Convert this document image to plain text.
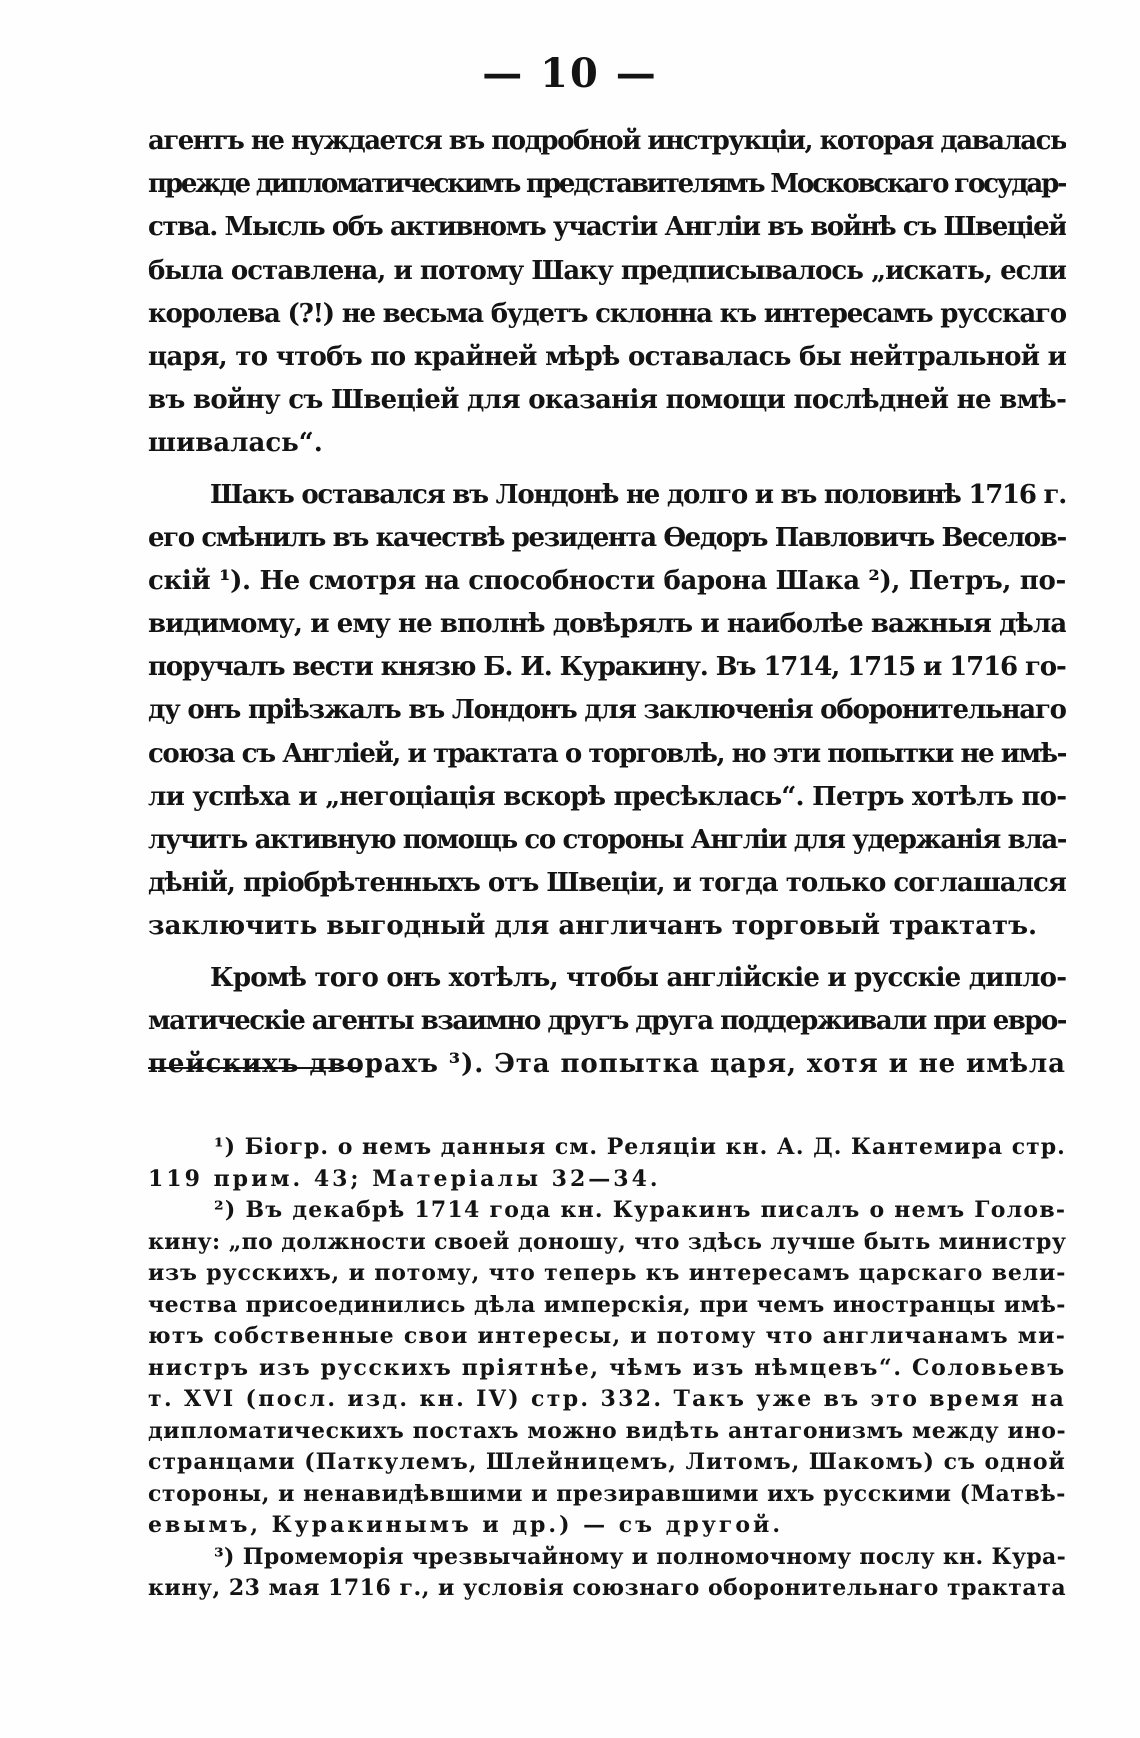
— 10 —
агентъ не нуждается въ подробной инструкціи, которая давалась
прежде дипломатическимъ представителямъ Московскаго государ-
ства. Мысль объ активномъ участіи Англіи въ войнѣ съ Швеціей
была оставлена, и потому Шаку предписывалось „искать, если
королева (?!) не весьма будетъ склонна къ интересамъ русскаго
царя, то чтобъ по крайней мѣрѣ оставалась бы нейтральной и
въ войну съ Швеціей для оказанія помощи послѣдней не вмѣ-
шивалась“.
Шакъ оставался въ Лондонѣ не долго и въ половинѣ 1716 г.
его смѣнилъ въ качествѣ резидента Ѳедоръ Павловичъ Веселов-
скій ¹). Не смотря на способности барона Шака ²), Петръ, по-
видимому, и ему не вполнѣ довѣрялъ и наиболѣе важныя дѣла
поручалъ вести князю Б. И. Куракину. Въ 1714, 1715 и 1716 го-
ду онъ пріѣзжалъ въ Лондонъ для заключенія оборонительнаго
союза съ Англіей, и трактата о торговлѣ, но эти попытки не имѣ-
ли успѣха и „негоціація вскорѣ пресѣклась“. Петръ хотѣлъ по-
лучить активную помощь со стороны Англіи для удержанія вла-
дѣній, пріобрѣтенныхъ отъ Швеціи, и тогда только соглашался
заключить выгодный для англичанъ торговый трактатъ.
Кромѣ того онъ хотѣлъ, чтобы англійскіе и русскіе дипло-
матическіе агенты взаимно другъ друга поддерживали при евро-
пейскихъ дворахъ ³). Эта попытка царя, хотя и не имѣла
¹) Біогр. о немъ данныя см. Реляціи кн. А. Д. Кантемира стр.
119 прим. 43; Матеріалы 32—34.
²) Въ декабрѣ 1714 года кн. Куракинъ писалъ о немъ Голов-
кину: „по должности своей доношу, что здѣсь лучше быть министру
изъ русскихъ, и потому, что теперь къ интересамъ царскаго вели-
чества присоединились дѣла имперскія, при чемъ иностранцы имѣ-
ютъ собственные свои интересы, и потому что англичанамъ ми-
нистръ изъ русскихъ пріятнѣе, чѣмъ изъ нѣмцевъ“. Соловьевъ
т. XVI (посл. изд. кн. IV) стр. 332. Такъ уже въ это время на
дипломатическихъ постахъ можно видѣть антагонизмъ между ино-
странцами (Паткулемъ, Шлейницемъ, Литомъ, Шакомъ) съ одной
стороны, и ненавидѣвшими и презиравшими ихъ русскими (Матвѣ-
евымъ, Куракинымъ и др.) — съ другой.
³) Промеморія чрезвычайному и полномочному послу кн. Кура-
кину, 23 мая 1716 г., и условія союзнаго оборонительнаго трактата
